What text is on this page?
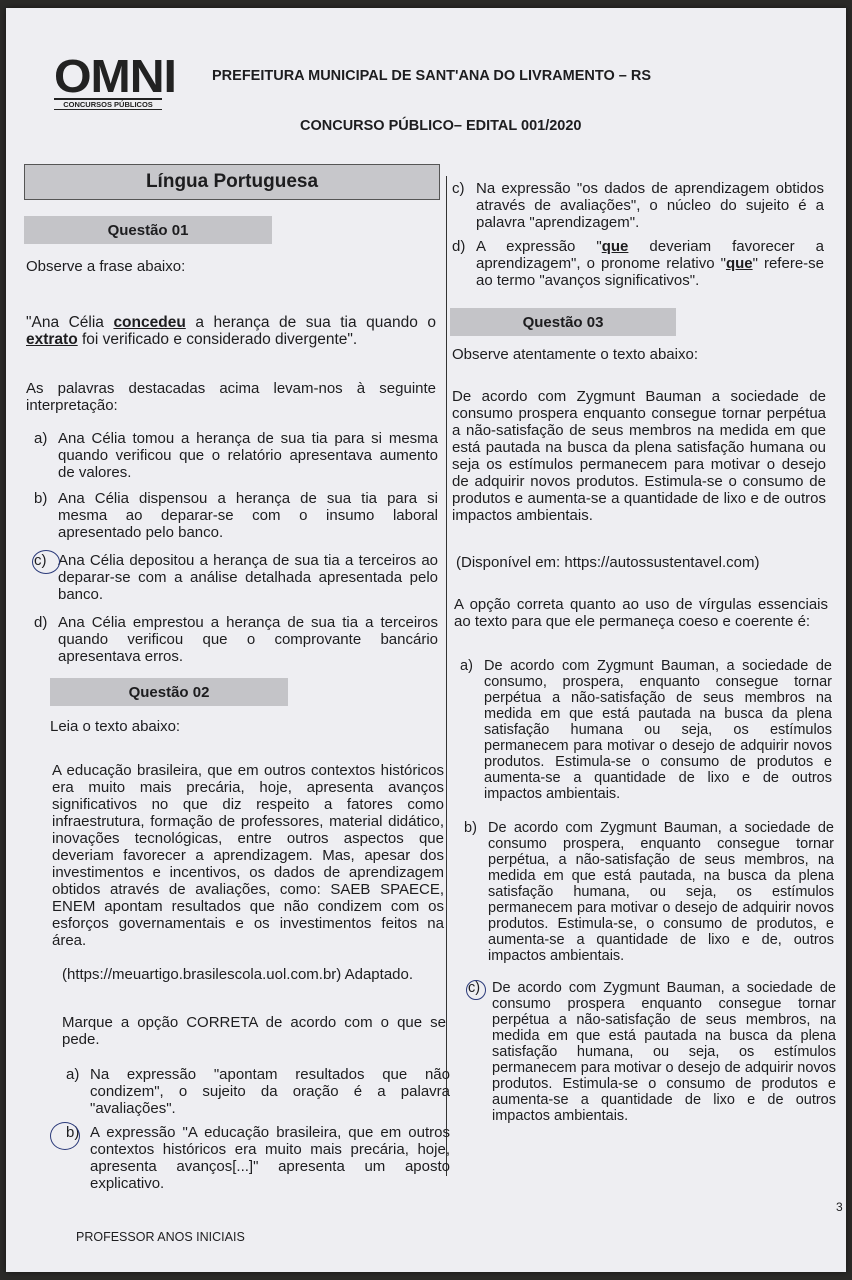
OMNI
CONCURSOS PÚBLICOS
PREFEITURA MUNICIPAL DE SANT'ANA DO LIVRAMENTO – RS
CONCURSO PÚBLICO– EDITAL 001/2020
Língua Portuguesa
Questão 01

Observe a frase abaixo:

"Ana Célia concedeu a herança de sua tia quando o extrato foi verificado e considerado divergente".

As palavras destacadas acima levam-nos à seguinte interpretação:

a) Ana Célia tomou a herança de sua tia para si mesma quando verificou que o relatório apresentava aumento de valores.
b) Ana Célia dispensou a herança de sua tia para si mesma ao deparar-se com o insumo laboral apresentado pelo banco.
c) Ana Célia depositou a herança de sua tia a terceiros ao deparar-se com a análise detalhada apresentada pelo banco.
d) Ana Célia emprestou a herança de sua tia a terceiros quando verificou que o comprovante bancário apresentava erros.
Questão 02

Leia o texto abaixo:

A educação brasileira, que em outros contextos históricos era muito mais precária, hoje, apresenta avanços significativos no que diz respeito a fatores como infraestrutura, formação de professores, material didático, inovações tecnológicas, entre outros aspectos que deveriam favorecer a aprendizagem. Mas, apesar dos investimentos e incentivos, os dados de aprendizagem obtidos através de avaliações, como: SAEB SPAECE, ENEM apontam resultados que não condizem com os esforços governamentais e os investimentos feitos na área.

(https://meuartigo.brasilescola.uol.com.br) Adaptado.

Marque a opção CORRETA de acordo com o que se pede.

a) Na expressão "apontam resultados que não condizem", o sujeito da oração é a palavra "avaliações".
b) A expressão "A educação brasileira, que em outros contextos históricos era muito mais precária, hoje, apresenta avanços[...]" apresenta um aposto explicativo.
c) Na expressão "os dados de aprendizagem obtidos através de avaliações", o núcleo do sujeito é a palavra "aprendizagem".
d) A expressão "que deveriam favorecer a aprendizagem", o pronome relativo "que" refere-se ao termo "avanços significativos".
Questão 03

Observe atentamente o texto abaixo:

De acordo com Zygmunt Bauman a sociedade de consumo prospera enquanto consegue tornar perpétua a não-satisfação de seus membros na medida em que está pautada na busca da plena satisfação humana ou seja os estímulos permanecem para motivar o desejo de adquirir novos produtos. Estimula-se o consumo de produtos e aumenta-se a quantidade de lixo e de outros impactos ambientais.

(Disponível em: https://autossustentavel.com)

A opção correta quanto ao uso de vírgulas essenciais ao texto para que ele permaneça coeso e coerente é:

a) De acordo com Zygmunt Bauman, a sociedade de consumo, prospera, enquanto consegue tornar perpétua a não-satisfação de seus membros na medida em que está pautada na busca da plena satisfação humana ou seja, os estímulos permanecem para motivar o desejo de adquirir novos produtos. Estimula-se o consumo de produtos e aumenta-se a quantidade de lixo e de outros impactos ambientais.
b) De acordo com Zygmunt Bauman, a sociedade de consumo prospera, enquanto consegue tornar perpétua, a não-satisfação de seus membros, na medida em que está pautada, na busca da plena satisfação humana, ou seja, os estímulos permanecem para motivar o desejo de adquirir novos produtos. Estimula-se, o consumo de produtos, e aumenta-se a quantidade de lixo e de, outros impactos ambientais.
c) De acordo com Zygmunt Bauman, a sociedade de consumo prospera enquanto consegue tornar perpétua a não-satisfação de seus membros, na medida em que está pautada na busca da plena satisfação humana, ou seja, os estímulos permanecem para motivar o desejo de adquirir novos produtos. Estimula-se o consumo de produtos e aumenta-se a quantidade de lixo e de outros impactos ambientais.
PROFESSOR ANOS INICIAIS
3
